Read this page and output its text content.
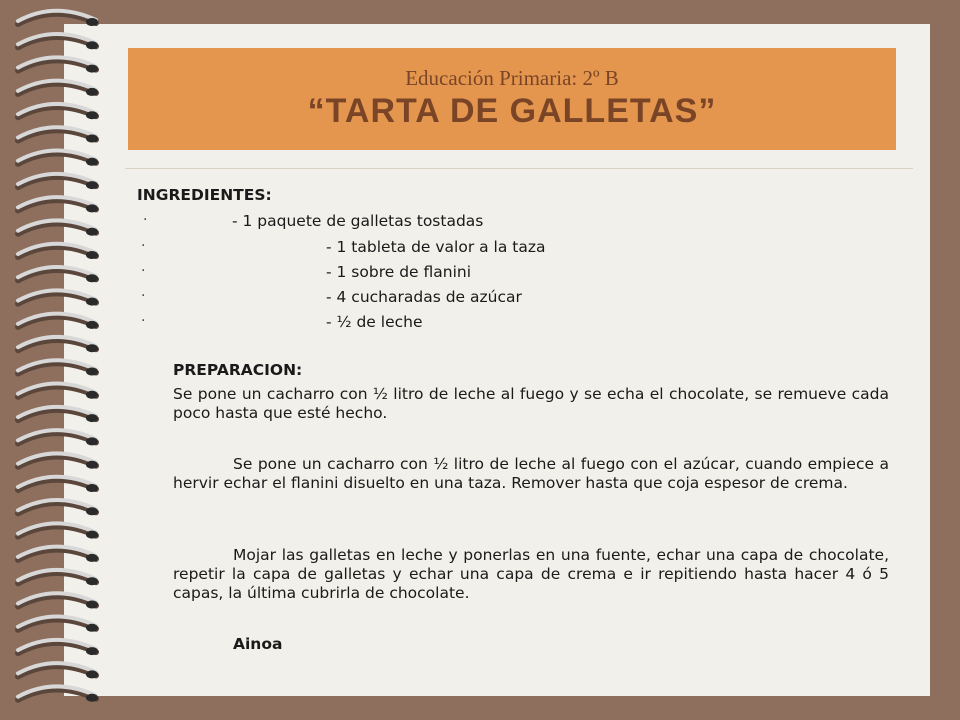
Educación Primaria: 2º B
“TARTA DE GALLETAS”
INGREDIENTES:
·	- 1 paquete de galletas tostadas
·	- 1 tableta de valor a la taza
·	- 1 sobre de flanini
·	- 4 cucharadas de azúcar
·	- ½ de leche
PREPARACION:
Se pone un cacharro con ½ litro de leche al fuego y se echa el chocolate, se remueve cada poco hasta que esté hecho.
Se pone un cacharro con ½ litro de leche al fuego con el azúcar, cuando empiece a hervir echar el flanini disuelto en una taza. Remover hasta que coja espesor de crema.
Mojar las galletas en leche y ponerlas en una fuente, echar una capa de chocolate, repetir la capa de galletas y echar una capa de crema e ir repitiendo hasta hacer 4 ó 5 capas, la última cubrirla de chocolate.
Ainoa
